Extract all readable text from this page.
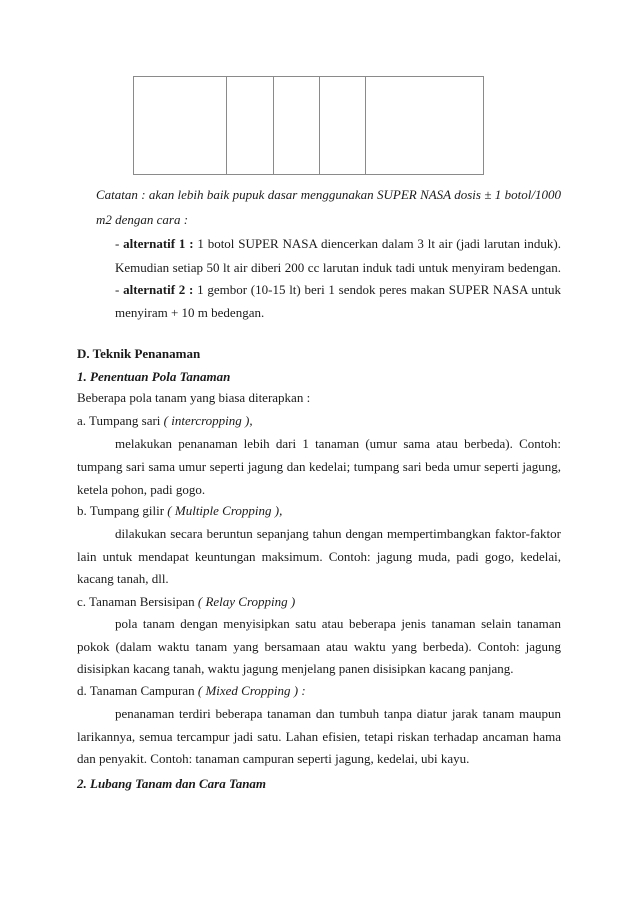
Catatan : akan lebih baik pupuk dasar menggunakan SUPER NASA dosis ± 1 botol/1000
m2 dengan cara :
- alternatif 1 : 1 botol SUPER NASA diencerkan dalam 3 lt air (jadi larutan induk).
Kemudian setiap 50 lt air diberi 200 cc larutan induk tadi untuk menyiram bedengan.
- alternatif 2 : 1 gembor (10-15 lt) beri 1 sendok peres makan SUPER NASA untuk
menyiram + 10 m bedengan.
D. Teknik Penanaman
1. Penentuan Pola Tanaman
Beberapa pola tanam yang biasa diterapkan :
a. Tumpang sari ( intercropping ),
melakukan penanaman lebih dari 1 tanaman (umur sama atau berbeda). Contoh:
tumpang sari sama umur seperti jagung dan kedelai; tumpang sari beda umur seperti jagung,
ketela pohon, padi gogo.
b. Tumpang gilir ( Multiple Cropping ),
dilakukan secara beruntun sepanjang tahun dengan mempertimbangkan faktor-faktor
lain untuk mendapat keuntungan maksimum. Contoh: jagung muda, padi gogo, kedelai,
kacang tanah, dll.
c. Tanaman Bersisipan ( Relay Cropping )
pola tanam dengan menyisipkan satu atau beberapa jenis tanaman selain tanaman
pokok (dalam waktu tanam yang bersamaan atau waktu yang berbeda). Contoh: jagung
disisipkan kacang tanah, waktu jagung menjelang panen disisipkan kacang panjang.
d. Tanaman Campuran ( Mixed Cropping ) :
penanaman terdiri beberapa tanaman dan tumbuh tanpa diatur jarak tanam maupun
larikannya, semua tercampur jadi satu. Lahan efisien, tetapi riskan terhadap ancaman hama
dan penyakit. Contoh: tanaman campuran seperti jagung, kedelai, ubi kayu.
2. Lubang Tanam dan Cara Tanam
